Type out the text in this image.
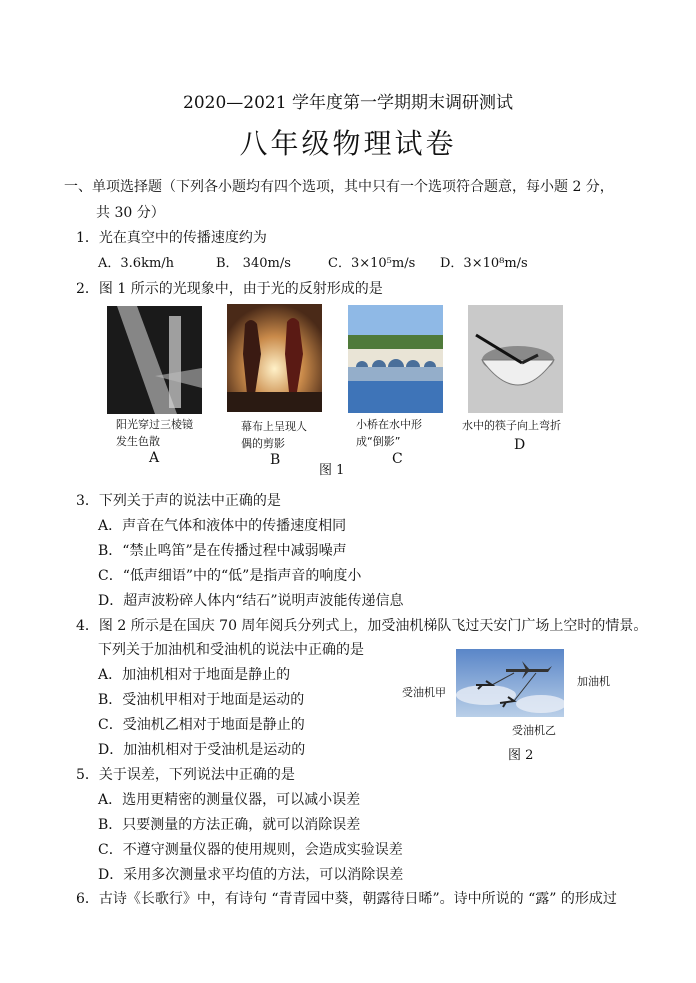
2020—2021 学年度第一学期期末调研测试
八年级物理试卷
一、单项选择题（下列各小题均有四个选项，其中只有一个选项符合题意，每小题 2 分，
共 30 分）
1．光在真空中的传播速度约为
A．3.6km/h	B． 340m/s	C．3×10⁵m/s D．3×10⁸m/s
2．图 1 所示的光现象中，由于光的反射形成的是
阳光穿过三棱镜发生色散
幕布上呈现人偶的剪影
小桥在水中形成“倒影”
水中的筷子向上弯折
A	B	C
D
图 1
3．下列关于声的说法中正确的是
A．声音在气体和液体中的传播速度相同
B．“禁止鸣笛”是在传播过程中减弱噪声
C．“低声细语”中的“低”是指声音的响度小
D．超声波粉碎人体内“结石”说明声波能传递信息
4．图 2 所示是在国庆 70 周年阅兵分列式上，加受油机梯队飞过天安门广场上空时的情景。
下列关于加油机和受油机的说法中正确的是
A．加油机相对于地面是静止的
B．受油机甲相对于地面是运动的
C．受油机乙相对于地面是静止的
D．加油机相对于受油机是运动的
加油机
受油机甲
受油机乙
图 2
5．关于误差，下列说法中正确的是
A．选用更精密的测量仪器，可以减小误差
B．只要测量的方法正确，就可以消除误差
C．不遵守测量仪器的使用规则，会造成实验误差
D．采用多次测量求平均值的方法，可以消除误差
6．古诗《长歌行》中，有诗句 “青青园中葵，朝露待日晞”。诗中所说的 “露” 的形成过
